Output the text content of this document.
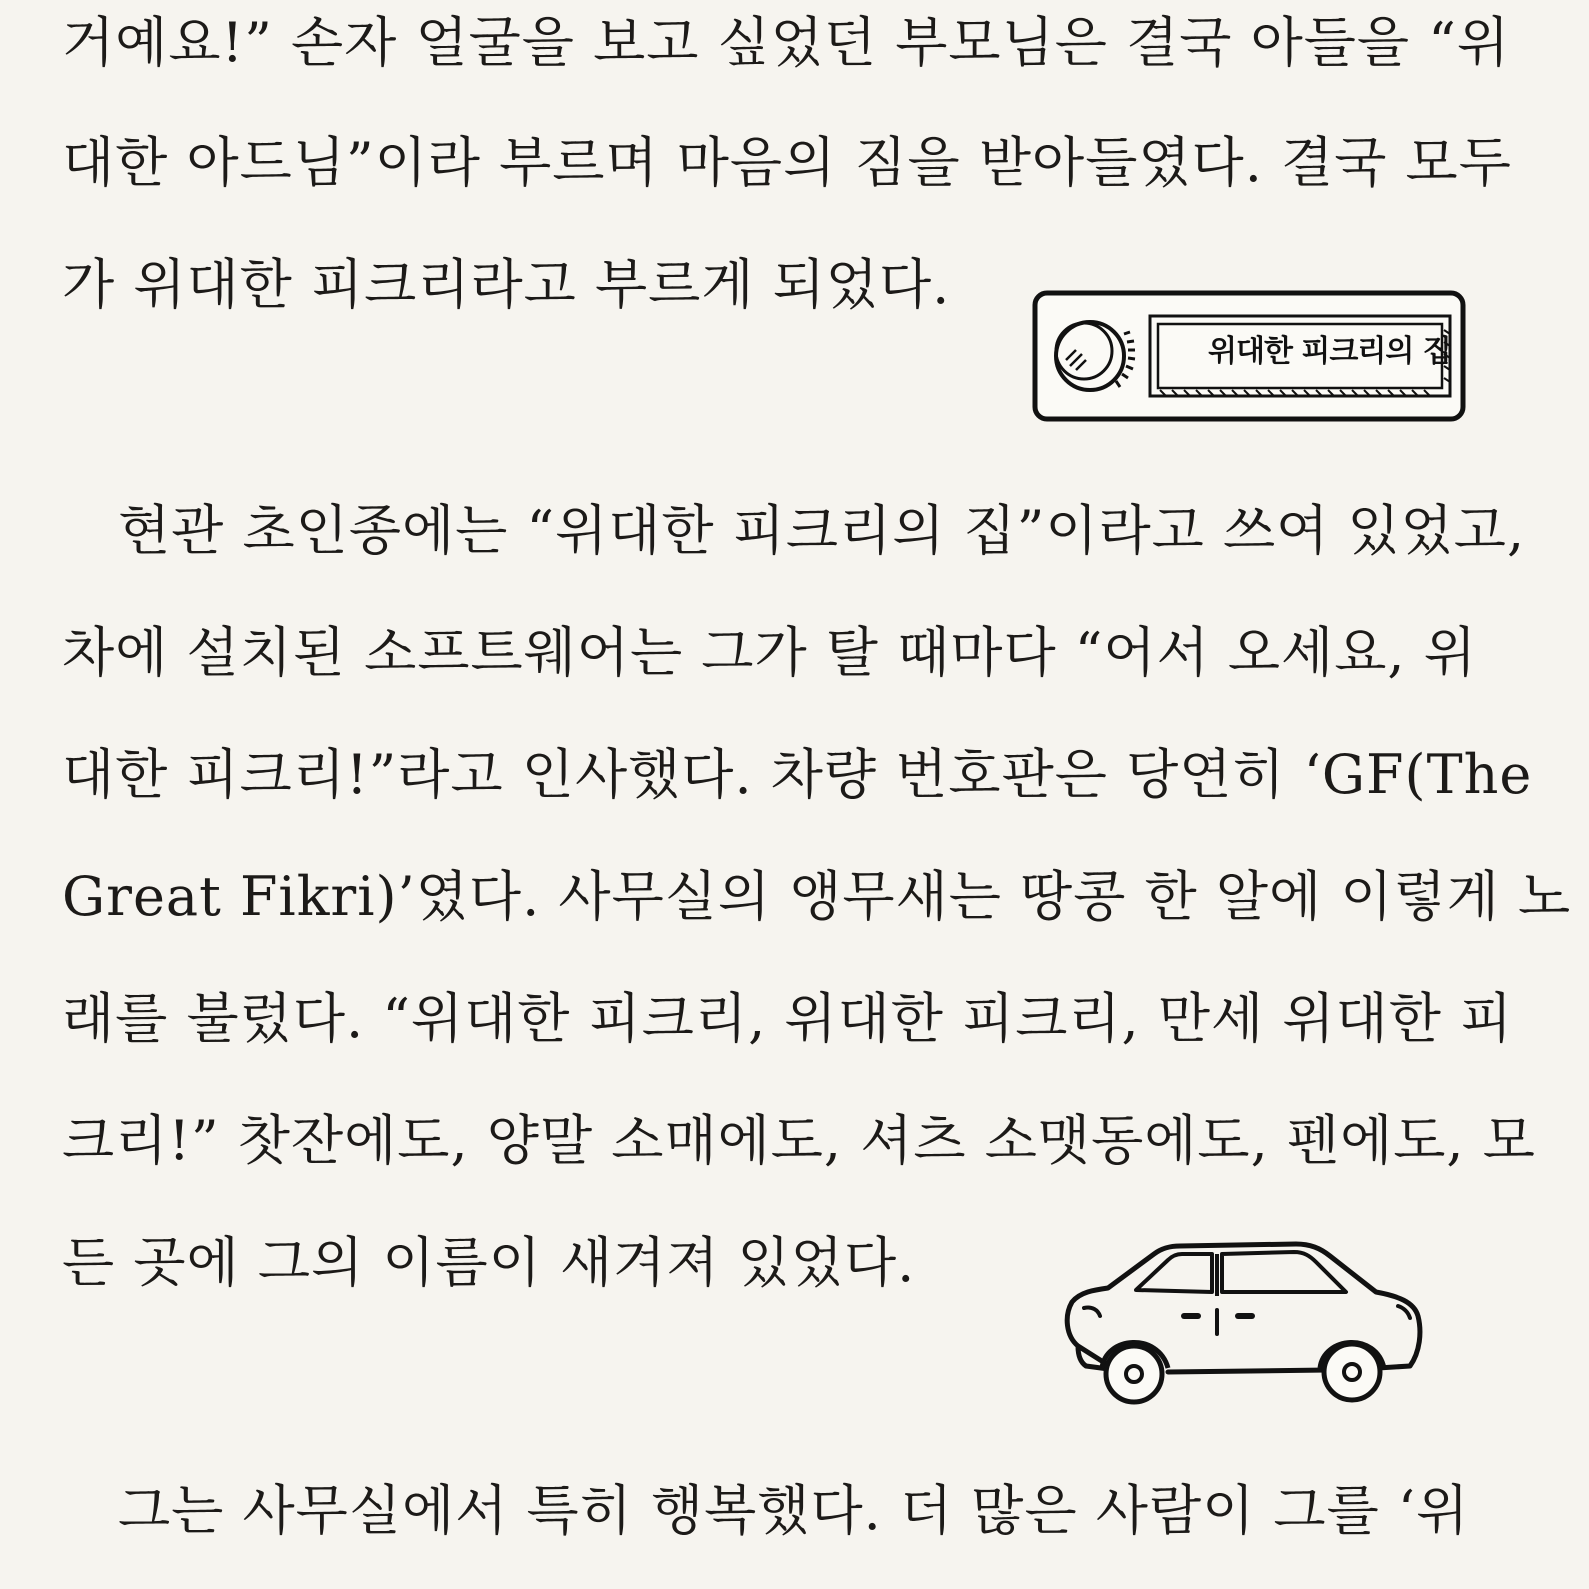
거예요!” 손자 얼굴을 보고 싶었던 부모님은 결국 아들을 “위
대한 아드님”이라 부르며 마음의 짐을 받아들였다. 결국 모두
가 위대한 피크리라고 부르게 되었다.
위대한 피크리의 집
현관 초인종에는 “위대한 피크리의 집”이라고 쓰여 있었고,
차에 설치된 소프트웨어는 그가 탈 때마다 “어서 오세요, 위
대한 피크리!”라고 인사했다. 차량 번호판은 당연히 ‘GF(The
Great Fikri)’였다. 사무실의 앵무새는 땅콩 한 알에 이렇게 노
래를 불렀다. “위대한 피크리, 위대한 피크리, 만세 위대한 피
크리!” 찻잔에도, 양말 소매에도, 셔츠 소맷동에도, 펜에도, 모
든 곳에 그의 이름이 새겨져 있었다.
그는 사무실에서 특히 행복했다. 더 많은 사람이 그를 ‘위
